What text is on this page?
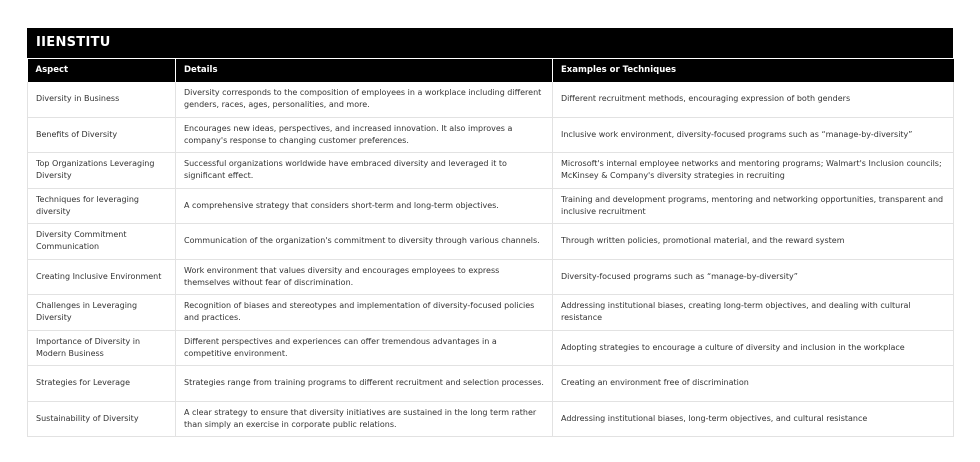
IIENSTITU
Aspect	Details	Examples or Techniques
Diversity in Business	Diversity corresponds to the composition of employees in a workplace including different genders, races, ages, personalities, and more.	Different recruitment methods, encouraging expression of both genders
Benefits of Diversity	Encourages new ideas, perspectives, and increased innovation. It also improves a company's response to changing customer preferences.	Inclusive work environment, diversity-focused programs such as “manage-by-diversity”
Top Organizations Leveraging Diversity	Successful organizations worldwide have embraced diversity and leveraged it to significant effect.	Microsoft's internal employee networks and mentoring programs; Walmart's Inclusion councils; McKinsey & Company's diversity strategies in recruiting
Techniques for leveraging diversity	A comprehensive strategy that considers short-term and long-term objectives.	Training and development programs, mentoring and networking opportunities, transparent and inclusive recruitment
Diversity Commitment Communication	Communication of the organization's commitment to diversity through various channels.	Through written policies, promotional material, and the reward system
Creating Inclusive Environment	Work environment that values diversity and encourages employees to express themselves without fear of discrimination.	Diversity-focused programs such as “manage-by-diversity”
Challenges in Leveraging Diversity	Recognition of biases and stereotypes and implementation of diversity-focused policies and practices.	Addressing institutional biases, creating long-term objectives, and dealing with cultural resistance
Importance of Diversity in Modern Business	Different perspectives and experiences can offer tremendous advantages in a competitive environment.	Adopting strategies to encourage a culture of diversity and inclusion in the workplace
Strategies for Leverage	Strategies range from training programs to different recruitment and selection processes.	Creating an environment free of discrimination
Sustainability of Diversity	A clear strategy to ensure that diversity initiatives are sustained in the long term rather than simply an exercise in corporate public relations.	Addressing institutional biases, long-term objectives, and cultural resistance
